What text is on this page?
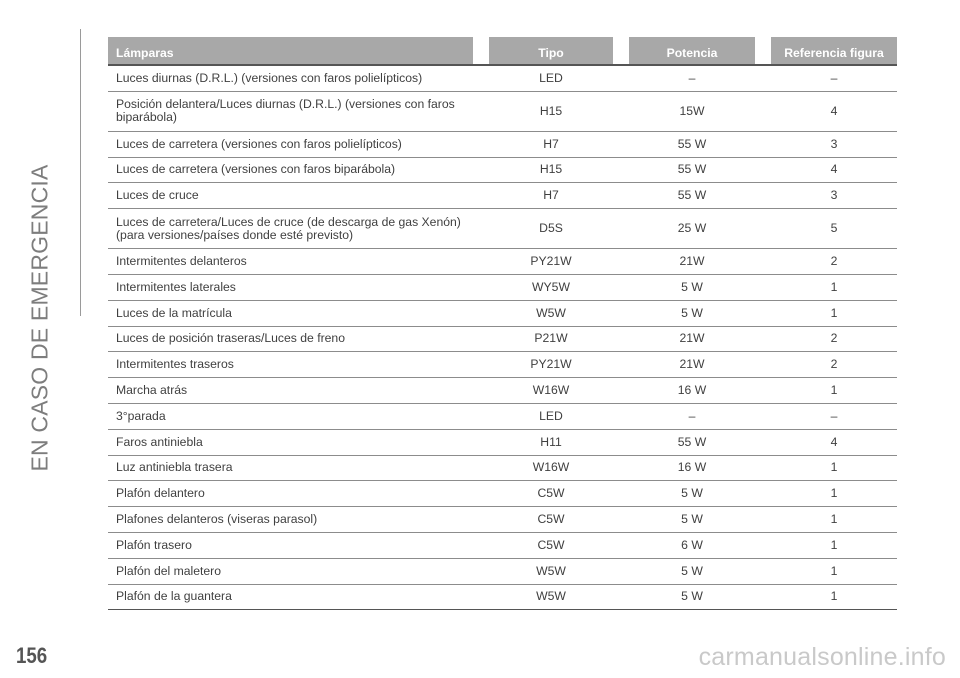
EN CASO DE EMERGENCIA
Lámparas		Tipo		Potencia		Referencia figura
Luces diurnas (D.R.L.) (versiones con faros polielípticos)		LED		–		–
Posición delantera/Luces diurnas (D.R.L.) (versiones con faros biparábola)		H15		15W		4
Luces de carretera (versiones con faros polielípticos)		H7		55 W		3
Luces de carretera (versiones con faros biparábola)		H15		55 W		4
Luces de cruce		H7		55 W		3
Luces de carretera/Luces de cruce (de descarga de gas Xenón) (para versiones/países donde esté previsto)		D5S		25 W		5
Intermitentes delanteros		PY21W		21W		2
Intermitentes laterales		WY5W		5 W		1
Luces de la matrícula		W5W		5 W		1
Luces de posición traseras/Luces de freno		P21W		21W		2
Intermitentes traseros		PY21W		21W		2
Marcha atrás		W16W		16 W		1
3°parada		LED		–		–
Faros antiniebla		H11		55 W		4
Luz antiniebla trasera		W16W		16 W		1
Plafón delantero		C5W		5 W		1
Plafones delanteros (viseras parasol)		C5W		5 W		1
Plafón trasero		C5W		6 W		1
Plafón del maletero		W5W		5 W		1
Plafón de la guantera		W5W		5 W		1
156	carmanualsonline.info
